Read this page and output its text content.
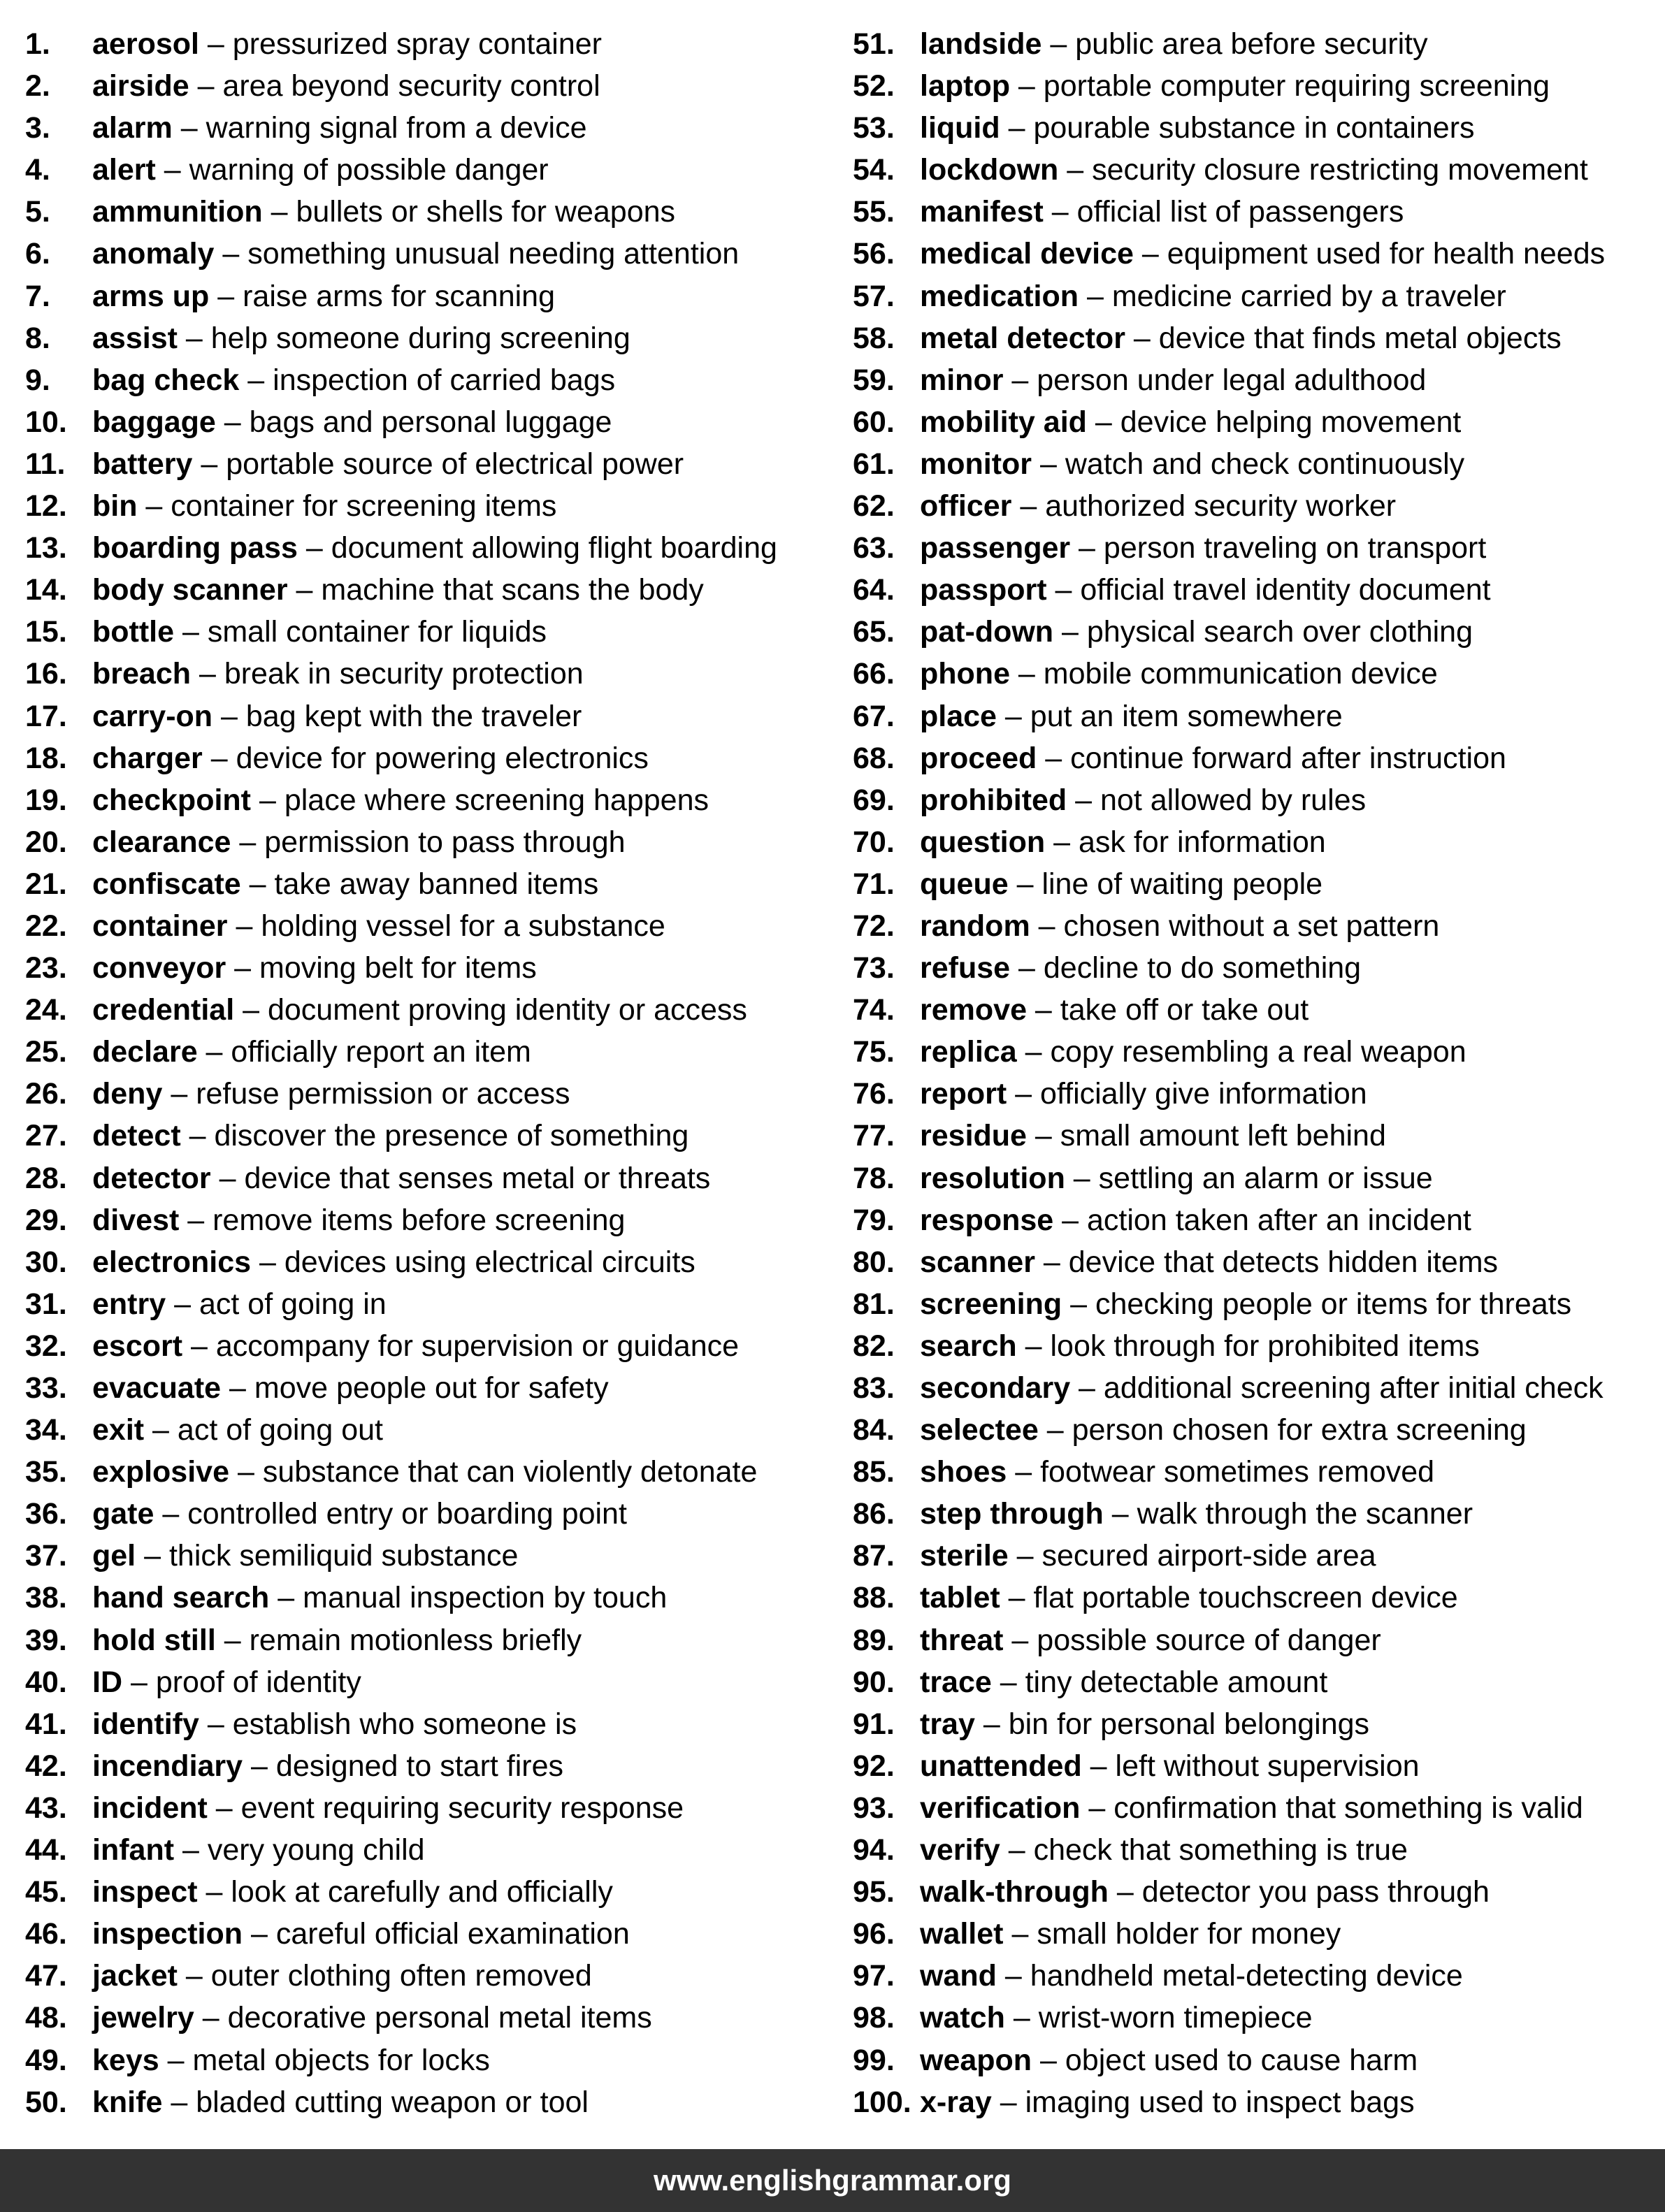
1. aerosol – pressurized spray container
2. airside – area beyond security control
3. alarm – warning signal from a device
4. alert – warning of possible danger
5. ammunition – bullets or shells for weapons
6. anomaly – something unusual needing attention
7. arms up – raise arms for scanning
8. assist – help someone during screening
9. bag check – inspection of carried bags
10. baggage – bags and personal luggage
11. battery – portable source of electrical power
12. bin – container for screening items
13. boarding pass – document allowing flight boarding
14. body scanner – machine that scans the body
15. bottle – small container for liquids
16. breach – break in security protection
17. carry-on – bag kept with the traveler
18. charger – device for powering electronics
19. checkpoint – place where screening happens
20. clearance – permission to pass through
21. confiscate – take away banned items
22. container – holding vessel for a substance
23. conveyor – moving belt for items
24. credential – document proving identity or access
25. declare – officially report an item
26. deny – refuse permission or access
27. detect – discover the presence of something
28. detector – device that senses metal or threats
29. divest – remove items before screening
30. electronics – devices using electrical circuits
31. entry – act of going in
32. escort – accompany for supervision or guidance
33. evacuate – move people out for safety
34. exit – act of going out
35. explosive – substance that can violently detonate
36. gate – controlled entry or boarding point
37. gel – thick semiliquid substance
38. hand search – manual inspection by touch
39. hold still – remain motionless briefly
40. ID – proof of identity
41. identify – establish who someone is
42. incendiary – designed to start fires
43. incident – event requiring security response
44. infant – very young child
45. inspect – look at carefully and officially
46. inspection – careful official examination
47. jacket – outer clothing often removed
48. jewelry – decorative personal metal items
49. keys – metal objects for locks
50. knife – bladed cutting weapon or tool
51. landside – public area before security
52. laptop – portable computer requiring screening
53. liquid – pourable substance in containers
54. lockdown – security closure restricting movement
55. manifest – official list of passengers
56. medical device – equipment used for health needs
57. medication – medicine carried by a traveler
58. metal detector – device that finds metal objects
59. minor – person under legal adulthood
60. mobility aid – device helping movement
61. monitor – watch and check continuously
62. officer – authorized security worker
63. passenger – person traveling on transport
64. passport – official travel identity document
65. pat-down – physical search over clothing
66. phone – mobile communication device
67. place – put an item somewhere
68. proceed – continue forward after instruction
69. prohibited – not allowed by rules
70. question – ask for information
71. queue – line of waiting people
72. random – chosen without a set pattern
73. refuse – decline to do something
74. remove – take off or take out
75. replica – copy resembling a real weapon
76. report – officially give information
77. residue – small amount left behind
78. resolution – settling an alarm or issue
79. response – action taken after an incident
80. scanner – device that detects hidden items
81. screening – checking people or items for threats
82. search – look through for prohibited items
83. secondary – additional screening after initial check
84. selectee – person chosen for extra screening
85. shoes – footwear sometimes removed
86. step through – walk through the scanner
87. sterile – secured airport-side area
88. tablet – flat portable touchscreen device
89. threat – possible source of danger
90. trace – tiny detectable amount
91. tray – bin for personal belongings
92. unattended – left without supervision
93. verification – confirmation that something is valid
94. verify – check that something is true
95. walk-through – detector you pass through
96. wallet – small holder for money
97. wand – handheld metal-detecting device
98. watch – wrist-worn timepiece
99. weapon – object used to cause harm
100. x-ray – imaging used to inspect bags
www.englishgrammar.org
